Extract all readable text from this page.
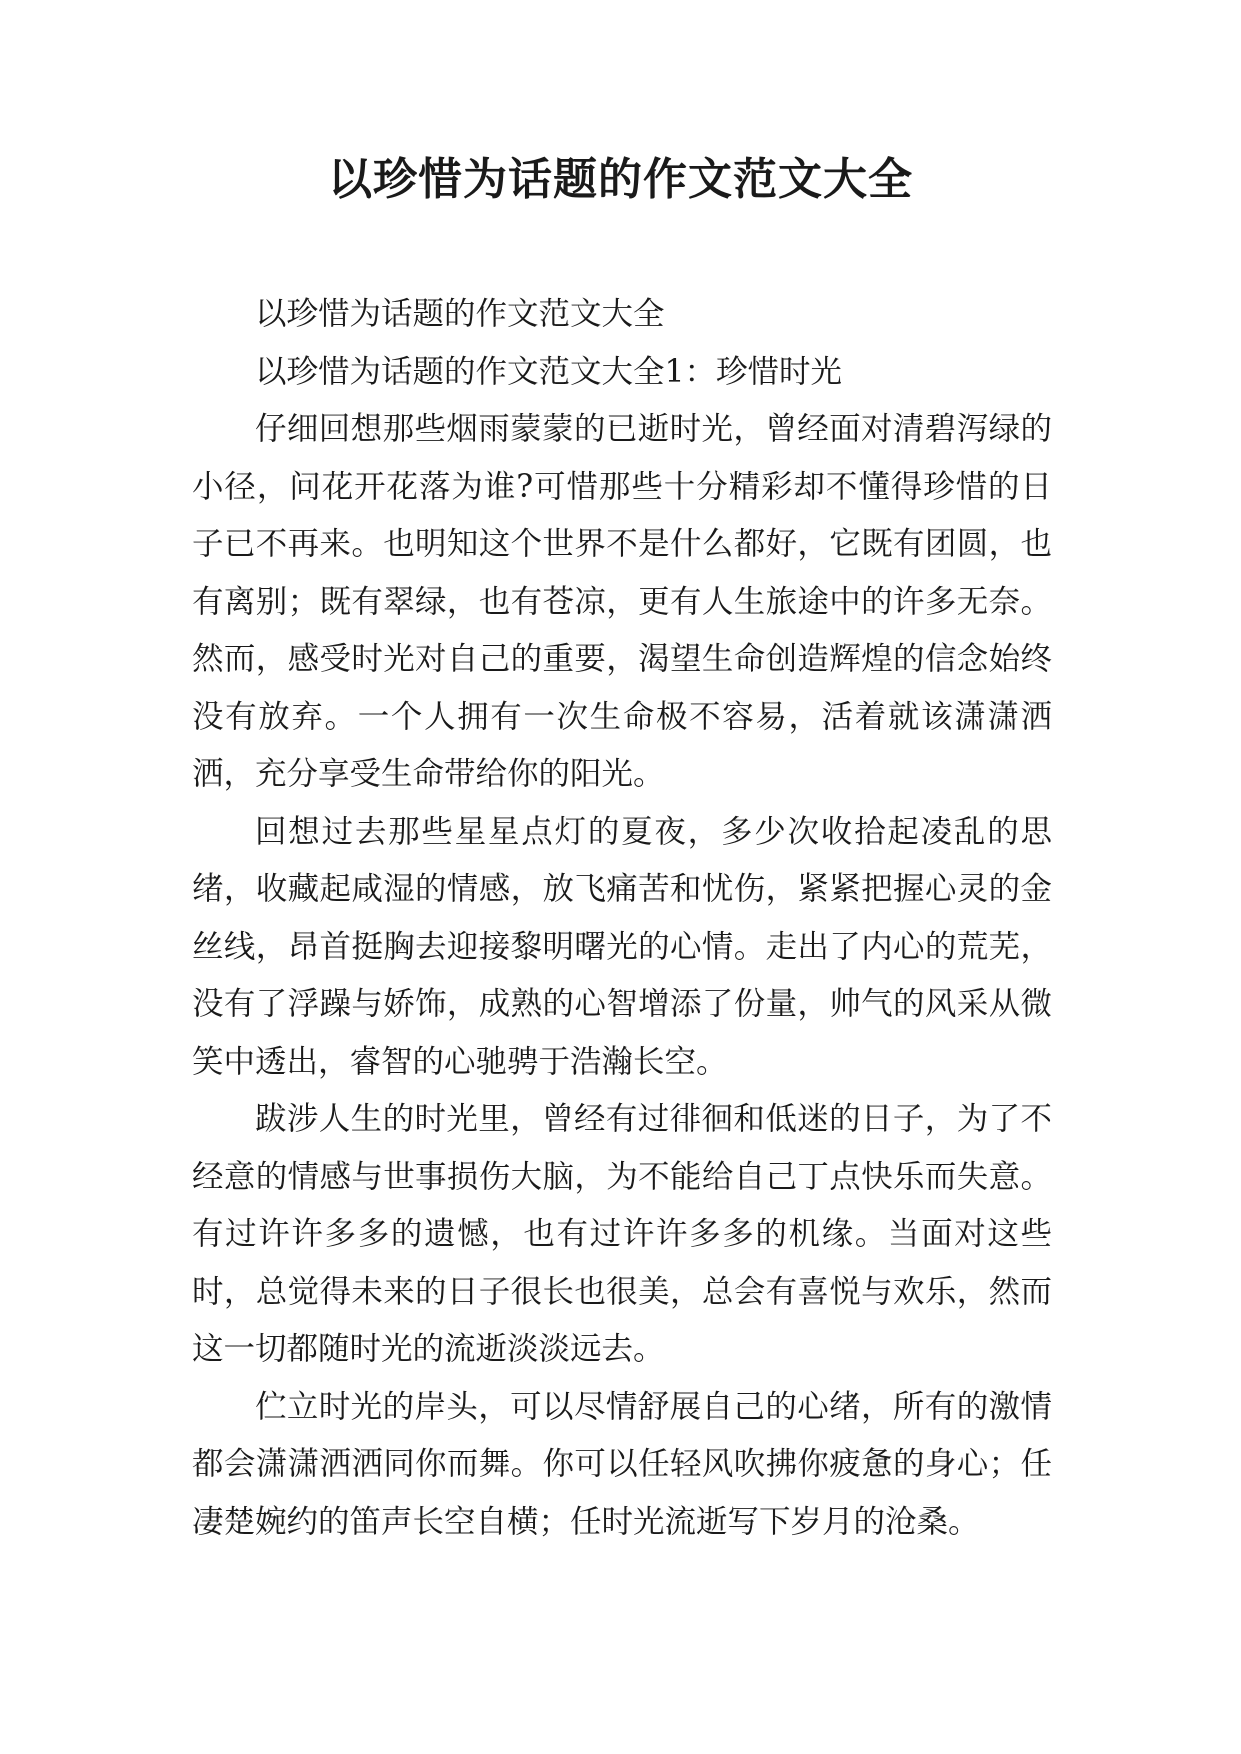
以珍惜为话题的作文范文大全

以珍惜为话题的作文范文大全

以珍惜为话题的作文范文大全1：珍惜时光

仔细回想那些烟雨蒙蒙的已逝时光，曾经面对清碧泻绿的小径，问花开花落为谁?可惜那些十分精彩却不懂得珍惜的日子已不再来。也明知这个世界不是什么都好，它既有团圆，也有离别；既有翠绿，也有苍凉，更有人生旅途中的许多无奈。然而，感受时光对自己的重要，渴望生命创造辉煌的信念始终没有放弃。一个人拥有一次生命极不容易，活着就该潇潇洒洒，充分享受生命带给你的阳光。

回想过去那些星星点灯的夏夜，多少次收拾起凌乱的思绪，收藏起咸湿的情感，放飞痛苦和忧伤，紧紧把握心灵的金丝线，昂首挺胸去迎接黎明曙光的心情。走出了内心的荒芜，没有了浮躁与娇饰，成熟的心智增添了份量，帅气的风采从微笑中透出，睿智的心驰骋于浩瀚长空。

跋涉人生的时光里，曾经有过徘徊和低迷的日子，为了不经意的情感与世事损伤大脑，为不能给自己丁点快乐而失意。有过许许多多的遗憾，也有过许许多多的机缘。当面对这些时，总觉得未来的日子很长也很美，总会有喜悦与欢乐，然而这一切都随时光的流逝淡淡远去。

伫立时光的岸头，可以尽情舒展自己的心绪，所有的激情都会潇潇洒洒同你而舞。你可以任轻风吹拂你疲惫的身心；任凄楚婉约的笛声长空自横；任时光流逝写下岁月的沧桑。
